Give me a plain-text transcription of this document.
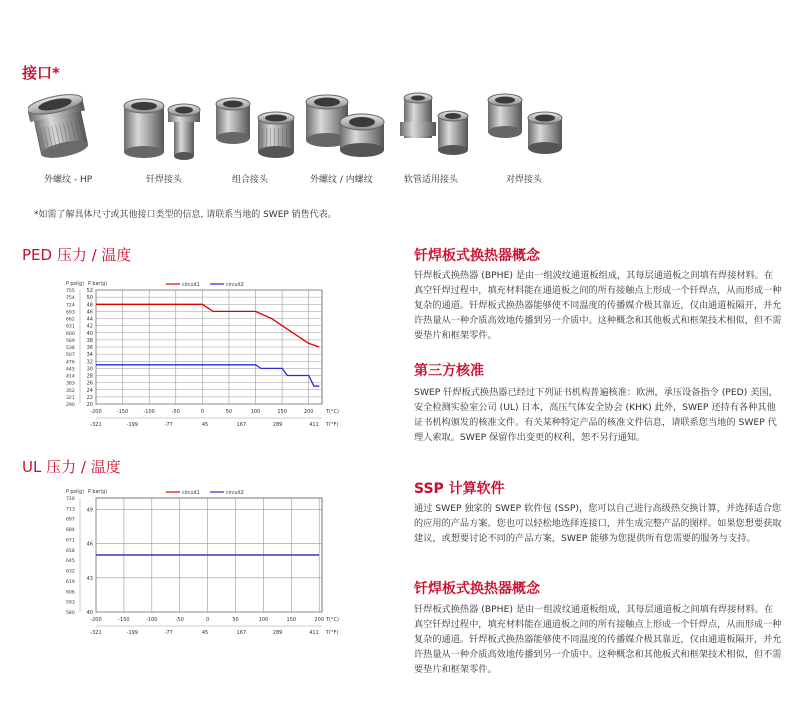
接口*
外螺纹 - HP	钎焊接头	组合接头	外螺纹 / 内螺纹	软管适用接头	对焊接头
*如需了解具体尺寸或其他接口类型的信息, 请联系当地的 SWEP 销售代表。
PED 压力 / 温度
-200	-150	-100	-50	0	50	100	150	200
20
22
24
26
28
30
32
34
36
38
40
42
44
46
48
50
52
755
754
724
693
662
631
600
569
538
507
476
445
414
383
352
321
290
P psi(g) P bar(g)
T(°C)
-321	-199	-77	45	167	289	411 T(°F)
circuit1	circuit2
UL 压力 / 温度
-200	-150	-100	-50	0	50	100	150	200
40
43
46
49
726
713
697
684
671
658
645
632
619
606
593
580
P psi(g) P bar(g)
T(°C)
-321	-199	-77	45	167	289	411 T(°F)
circuit1	circuit2
钎焊板式换热器概念

钎焊板式换热器 (BPHE) 是由一组波纹通道板组成，其每层通道板之间填有焊接材料。在真空钎焊过程中，填充材料能在通道板之间的所有接触点上形成一个钎焊点，从而形成一种复杂的通道。钎焊板式换热器能够使不同温度的传播媒介极其靠近，仅由通道板隔开，并允许热量从一种介质高效地传播到另一介质中。这种概念和其他板式和框架技术相似，但不需要垫片和框架零件。

第三方核准

SWEP 钎焊板式换热器已经过下列证书机构普遍核准：欧洲，承压设备指令 (PED) 美国，安全检测实验室公司 (UL) 日本，高压气体安全协会 (KHK) 此外，SWEP 还持有各种其他证书机构颁发的核准文件。有关某种特定产品的核准文件信息，请联系您当地的 SWEP 代理人索取。SWEP 保留作出变更的权利，恕不另行通知。

SSP 计算软件

通过 SWEP 独家的 SWEP 软件包 (SSP)，您可以自己进行高级热交换计算，并选择适合您的应用的产品方案。您也可以轻松地选择连接口，并生成完整产品的图样。如果您想要获取建议，或想要讨论不同的产品方案，SWEP 能够为您提供所有您需要的服务与支持。

钎焊板式换热器概念

钎焊板式换热器 (BPHE) 是由一组波纹通道板组成，其每层通道板之间填有焊接材料。在真空钎焊过程中，填充材料能在通道板之间的所有接触点上形成一个钎焊点，从而形成一种复杂的通道。钎焊板式换热器能够使不同温度的传播媒介极其靠近，仅由通道板隔开，并允许热量从一种介质高效地传播到另一介质中。这种概念和其他板式和框架技术相似，但不需要垫片和框架零件。
